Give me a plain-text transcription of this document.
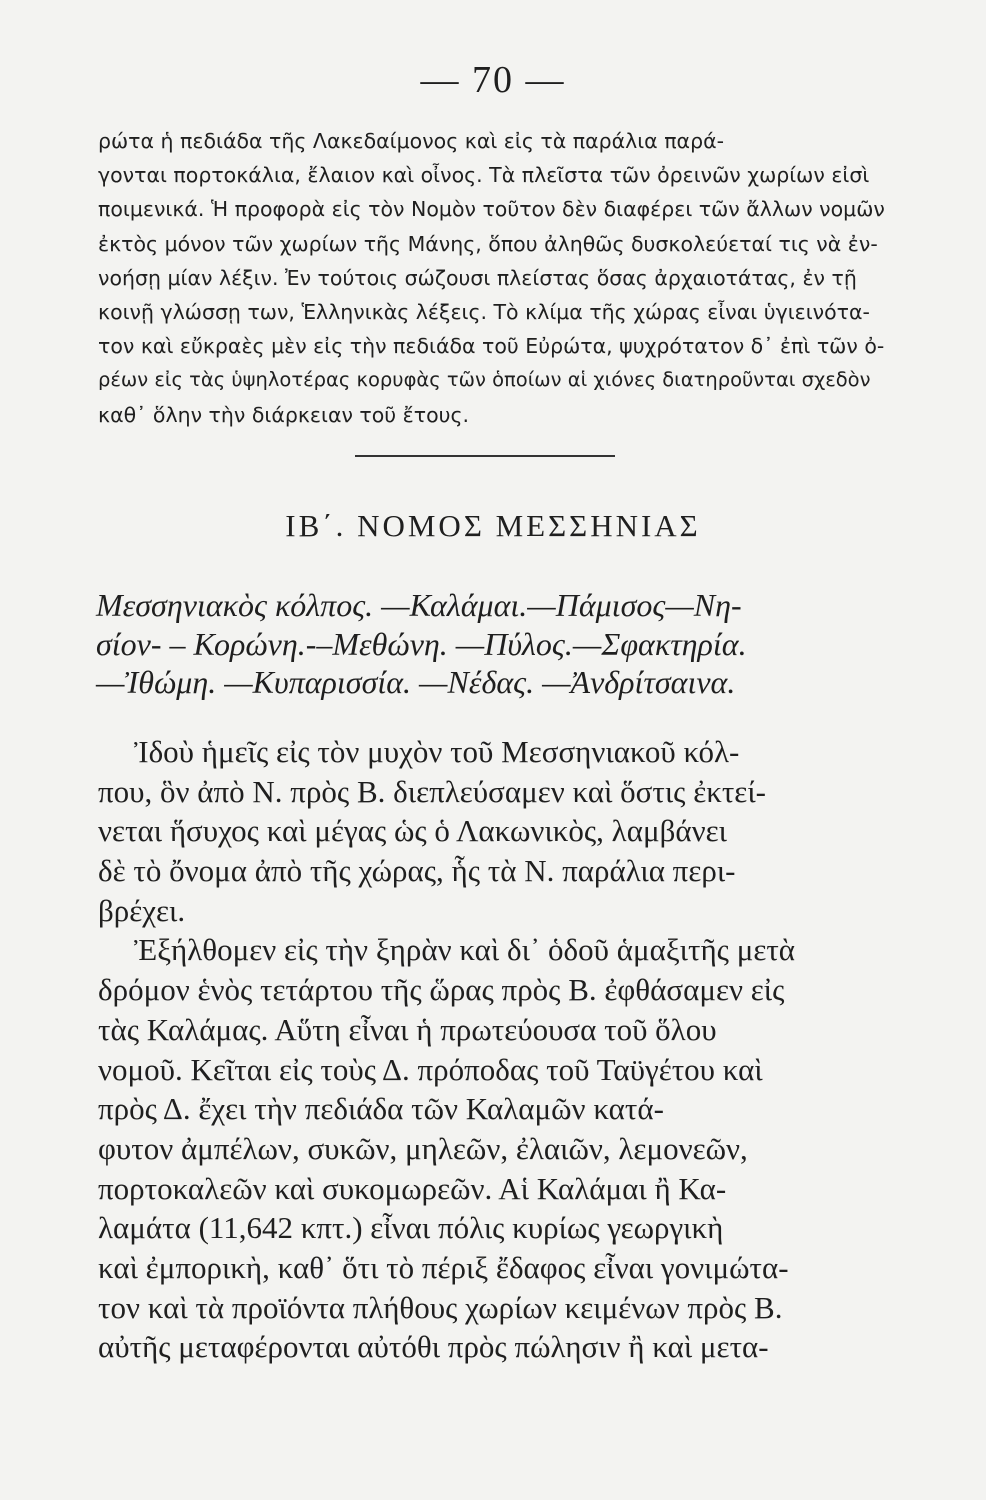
— 70 —
ρώτα ἡ πεδιάδα τῆς Λακεδαίμονος καὶ εἰς τὰ παράλια παρά-
γονται πορτοκάλια, ἔλαιον καὶ οἶνος. Τὰ πλεῖστα τῶν ὀρεινῶν χωρίων εἰσὶ
ποιμενικά. Ἡ προφορὰ εἰς τὸν Νομὸν τοῦτον δὲν διαφέρει τῶν ἄλλων νομῶν
ἐκτὸς μόνον τῶν χωρίων τῆς Μάνης, ὅπου ἀληθῶς δυσκολεύεταί τις νὰ ἐν-
νοήσῃ μίαν λέξιν. Ἐν τούτοις σώζουσι πλείστας ὅσας ἀρχαιοτάτας, ἐν τῇ
κοινῇ γλώσσῃ των, Ἑλληνικὰς λέξεις. Τὸ κλίμα τῆς χώρας εἶναι ὑγιεινότα-
τον καὶ εὔκραὲς μὲν εἰς τὴν πεδιάδα τοῦ Εὐρώτα, ψυχρότατον δ᾽ ἐπὶ τῶν ὀ-
ρέων εἰς τὰς ὑψηλοτέρας κορυφὰς τῶν ὁποίων αἱ χιόνες διατηροῦνται σχεδὸν
καθ᾽ ὅλην τὴν διάρκειαν τοῦ ἔτους.
ΙΒ΄. ΝΟΜΟΣ ΜΕΣΣΗΝΙΑΣ
Μεσσηνιακὸς κόλπος. —Καλάμαι.—Πάμισος—Νη-
σίον- – Κορώνη.-–Μεθώνη. —Πύλος.—Σφακτηρία.
—Ἰθώμη. —Κυπαρισσία. —Νέδας. —Ἀνδρίτσαινα.
Ἰδοὺ ἡμεῖς εἰς τὸν μυχὸν τοῦ Μεσσηνιακοῦ κόλ-
που, ὃν ἀπὸ Ν. πρὸς Β. διεπλεύσαμεν καὶ ὅστις ἐκτεί-
νεται ἥσυχος καὶ μέγας ὡς ὁ Λακωνικὸς, λαμβάνει
δὲ τὸ ὄνομα ἀπὸ τῆς χώρας, ἧς τὰ Ν. παράλια περι-
βρέχει.
Ἐξήλθομεν εἰς τὴν ξηρὰν καὶ δι᾽ ὁδοῦ ἁμαξιτῆς μετὰ
δρόμον ἑνὸς τετάρτου τῆς ὥρας πρὸς Β. ἐφθάσαμεν εἰς
τὰς Καλάμας. Αὕτη εἶναι ἡ πρωτεύουσα τοῦ ὅλου
νομοῦ. Κεῖται εἰς τοὺς Δ. πρόποδας τοῦ Ταϋγέτου καὶ
πρὸς Δ. ἔχει τὴν πεδιάδα τῶν Καλαμῶν κατά-
φυτον ἀμπέλων, συκῶν, μηλεῶν, ἐλαιῶν, λεμονεῶν,
πορτοκαλεῶν καὶ συκομωρεῶν. Αἱ Καλάμαι ἢ Κα-
λαμάτα (11,642 κπτ.) εἶναι πόλις κυρίως γεωργικὴ
καὶ ἐμπορικὴ, καθ᾽ ὅτι τὸ πέριξ ἔδαφος εἶναι γονιμώτα-
τον καὶ τὰ προϊόντα πλήθους χωρίων κειμένων πρὸς Β.
αὐτῆς μεταφέρονται αὐτόθι πρὸς πώλησιν ἢ καὶ μετα-
